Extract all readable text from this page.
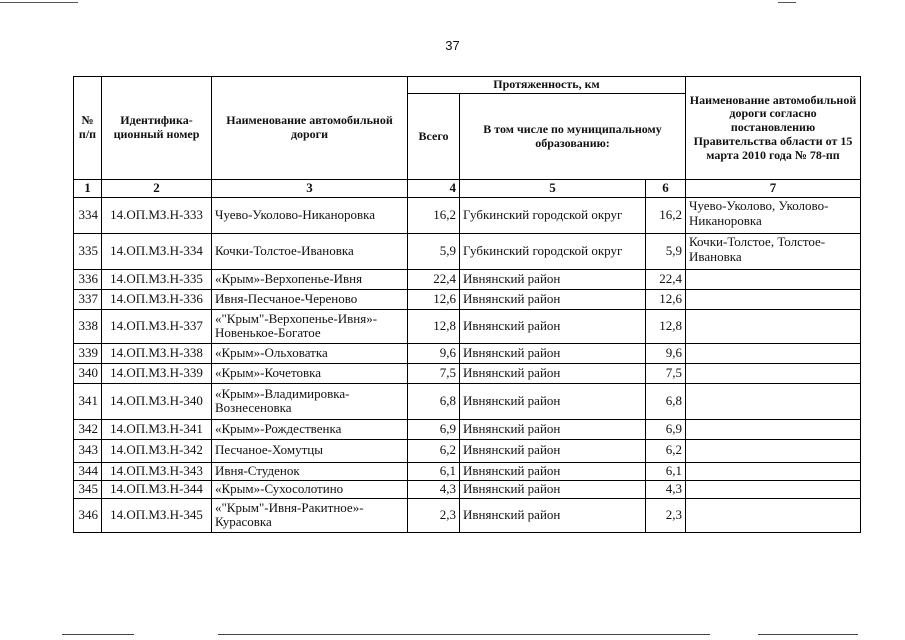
37
№ п/п	Идентифика-ционный номер	Наименование автомобильной дороги	Протяженность, км			Наименование автомобильной дороги согласно постановлению Правительства области от 15 марта 2010 года № 78-пп
			Всего	В том числе по муниципальному образованию:		
1	2	3	4	5	6	7
334	14.ОП.МЗ.Н-333	Чуево-Уколово-Никаноровка	16,2	Губкинский городской округ	16,2	Чуево-Уколово, Уколово-Никаноровка
335	14.ОП.МЗ.Н-334	Кочки-Толстое-Ивановка	5,9	Губкинский городской округ	5,9	Кочки-Толстое, Толстое-Ивановка
336	14.ОП.МЗ.Н-335	«Крым»-Верхопенье-Ивня	22,4	Ивнянский район	22,4	
337	14.ОП.МЗ.Н-336	Ивня-Песчаное-Череново	12,6	Ивнянский район	12,6	
338	14.ОП.МЗ.Н-337	«"Крым"-Верхопенье-Ивня»-Новенькое-Богатое	12,8	Ивнянский район	12,8	
339	14.ОП.МЗ.Н-338	«Крым»-Ольховатка	9,6	Ивнянский район	9,6	
340	14.ОП.МЗ.Н-339	«Крым»-Кочетовка	7,5	Ивнянский район	7,5	
341	14.ОП.МЗ.Н-340	«Крым»-Владимировка-Вознесеновка	6,8	Ивнянский район	6,8	
342	14.ОП.МЗ.Н-341	«Крым»-Рождественка	6,9	Ивнянский район	6,9	
343	14.ОП.МЗ.Н-342	Песчаное-Хомутцы	6,2	Ивнянский район	6,2	
344	14.ОП.МЗ.Н-343	Ивня-Студенок	6,1	Ивнянский район	6,1	
345	14.ОП.МЗ.Н-344	«Крым»-Сухосолотино	4,3	Ивнянский район	4,3	
346	14.ОП.МЗ.Н-345	«"Крым"-Ивня-Ракитное»-Курасовка	2,3	Ивнянский район	2,3	
